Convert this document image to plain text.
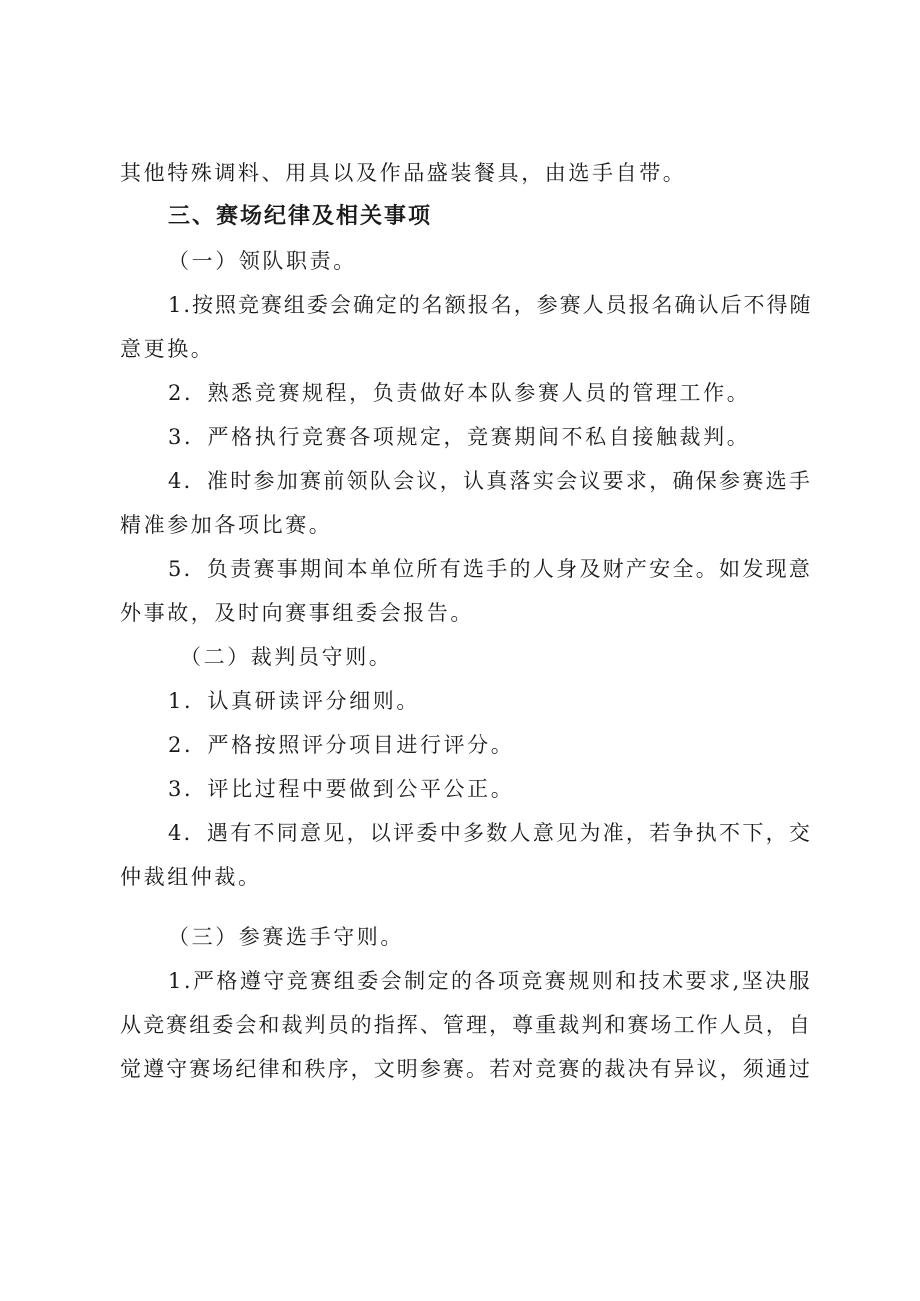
其他特殊调料、用具以及作品盛装餐具，由选手自带。
三、赛场纪律及相关事项
（一）领队职责。
1.按照竞赛组委会确定的名额报名，参赛人员报名确认后不得随
意更换。
2．熟悉竞赛规程，负责做好本队参赛人员的管理工作。
3．严格执行竞赛各项规定，竞赛期间不私自接触裁判。
4．准时参加赛前领队会议，认真落实会议要求，确保参赛选手
精准参加各项比赛。
5．负责赛事期间本单位所有选手的人身及财产安全。如发现意
外事故，及时向赛事组委会报告。
（二）裁判员守则。
1．认真研读评分细则。
2．严格按照评分项目进行评分。
3．评比过程中要做到公平公正。
4．遇有不同意见，以评委中多数人意见为准，若争执不下，交
仲裁组仲裁。
（三）参赛选手守则。
1.严格遵守竞赛组委会制定的各项竞赛规则和技术要求,坚决服
从竞赛组委会和裁判员的指挥、管理，尊重裁判和赛场工作人员，自
觉遵守赛场纪律和秩序，文明参赛。若对竞赛的裁决有异议，须通过
